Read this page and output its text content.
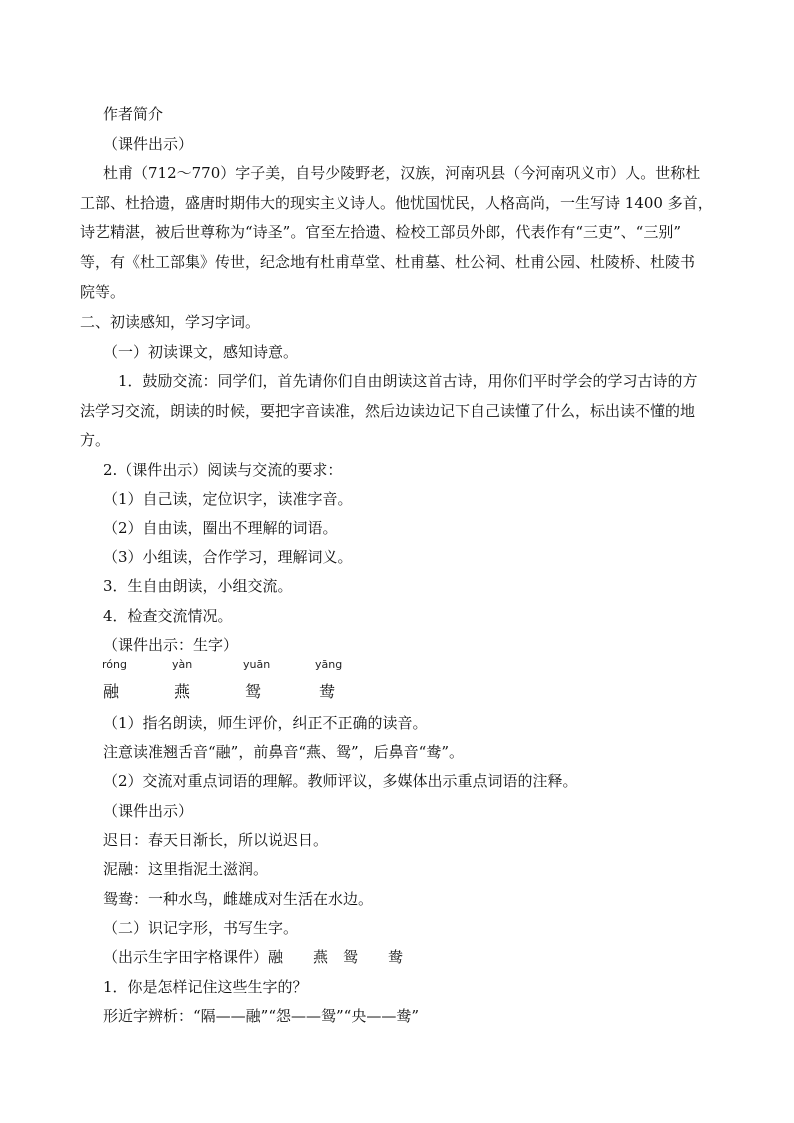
作者简介
（课件出示）
杜甫（712～770）字子美，自号少陵野老，汉族，河南巩县（今河南巩义市）人。世称杜
工部、杜拾遗，盛唐时期伟大的现实主义诗人。他忧国忧民，人格高尚，一生写诗 1400 多首，
诗艺精湛，被后世尊称为“诗圣”。官至左拾遗、检校工部员外郎，代表作有“三吏”、“三别”
等，有《杜工部集》传世，纪念地有杜甫草堂、杜甫墓、杜公祠、杜甫公园、杜陵桥、杜陵书
院等。
二、初读感知，学习字词。
（一）初读课文，感知诗意。
1．鼓励交流：同学们，首先请你们自由朗读这首古诗，用你们平时学会的学习古诗的方
法学习交流，朗读的时候，要把字音读准，然后边读边记下自己读懂了什么，标出读不懂的地
方。
2.（课件出示）阅读与交流的要求：
（1）自己读，定位识字，读准字音。
（2）自由读，圈出不理解的词语。
（3）小组读，合作学习，理解词义。
3．生自由朗读，小组交流。
4．检查交流情况。
（课件出示：生字）
róng	yàn	yuān	yāng
融	燕	鸳	鸯
（1）指名朗读，师生评价，纠正不正确的读音。
注意读准翘舌音“融”，前鼻音“燕、鸳”，后鼻音“鸯”。
（2）交流对重点词语的理解。教师评议，多媒体出示重点词语的注释。
（课件出示）
迟日：春天日渐长，所以说迟日。
泥融：这里指泥土滋润。
鸳鸯：一种水鸟，雌雄成对生活在水边。
（二）识记字形，书写生字。
（出示生字田字格课件）融　　燕　鸳　　鸯
1．你是怎样记住这些生字的？
形近字辨析：“隔——融”“怨——鸳”“央——鸯”
